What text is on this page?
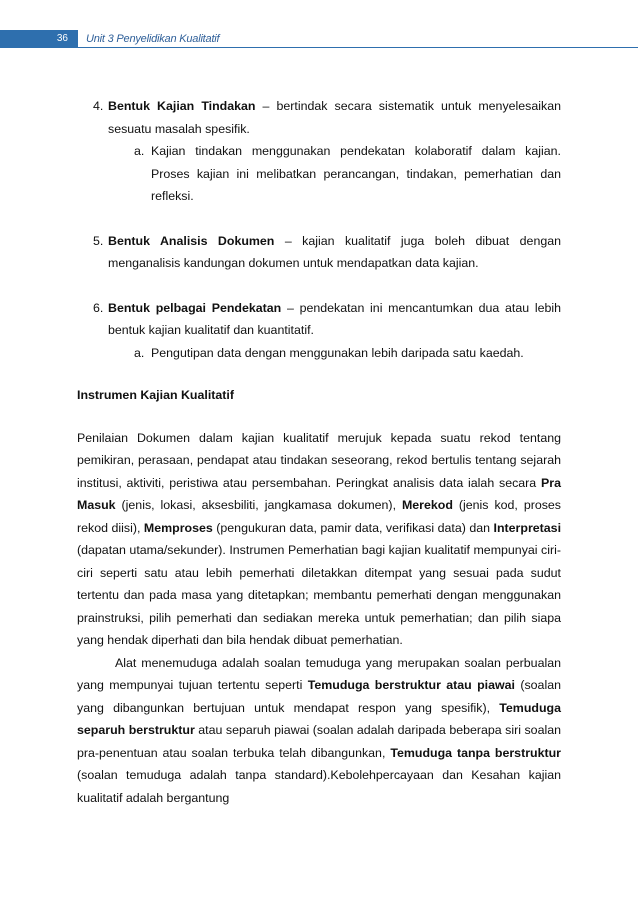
36	Unit 3 Penyelidikan Kualitatif

4. Bentuk Kajian Tindakan – bertindak secara sistematik untuk menyelesaikan sesuatu masalah spesifik.

a. Kajian tindakan menggunakan pendekatan kolaboratif dalam kajian. Proses kajian ini melibatkan perancangan, tindakan, pemerhatian dan refleksi.

5. Bentuk Analisis Dokumen – kajian kualitatif juga boleh dibuat dengan menganalisis kandungan dokumen untuk mendapatkan data kajian.

6. Bentuk pelbagai Pendekatan – pendekatan ini mencantumkan dua atau lebih bentuk kajian kualitatif dan kuantitatif.

a. Pengutipan data dengan menggunakan lebih daripada satu kaedah.

Instrumen Kajian Kualitatif

Penilaian Dokumen dalam kajian kualitatif merujuk kepada suatu rekod tentang pemikiran, perasaan, pendapat atau tindakan seseorang, rekod bertulis tentang sejarah institusi, aktiviti, peristiwa atau persembahan. Peringkat analisis data ialah secara Pra Masuk (jenis, lokasi, aksesbiliti, jangkamasa dokumen), Merekod (jenis kod, proses rekod diisi), Memproses (pengukuran data, pamir data, verifikasi data) dan Interpretasi (dapatan utama/sekunder). Instrumen Pemerhatian bagi kajian kualitatif mempunyai ciri-ciri seperti satu atau lebih pemerhati diletakkan ditempat yang sesuai pada sudut tertentu dan pada masa yang ditetapkan; membantu pemerhati dengan menggunakan prainstruksi, pilih pemerhati dan sediakan mereka untuk pemerhatian; dan pilih siapa yang hendak diperhati dan bila hendak dibuat pemerhatian.

Alat menemuduga adalah soalan temuduga yang merupakan soalan perbualan yang mempunyai tujuan tertentu seperti Temuduga berstruktur atau piawai (soalan yang dibangunkan bertujuan untuk mendapat respon yang spesifik), Temuduga separuh berstruktur atau separuh piawai (soalan adalah daripada beberapa siri soalan pra-penentuan atau soalan terbuka telah dibangunkan, Temuduga tanpa berstruktur (soalan temuduga adalah tanpa standard).Kebolehpercayaan dan Kesahan kajian kualitatif adalah bergantung
